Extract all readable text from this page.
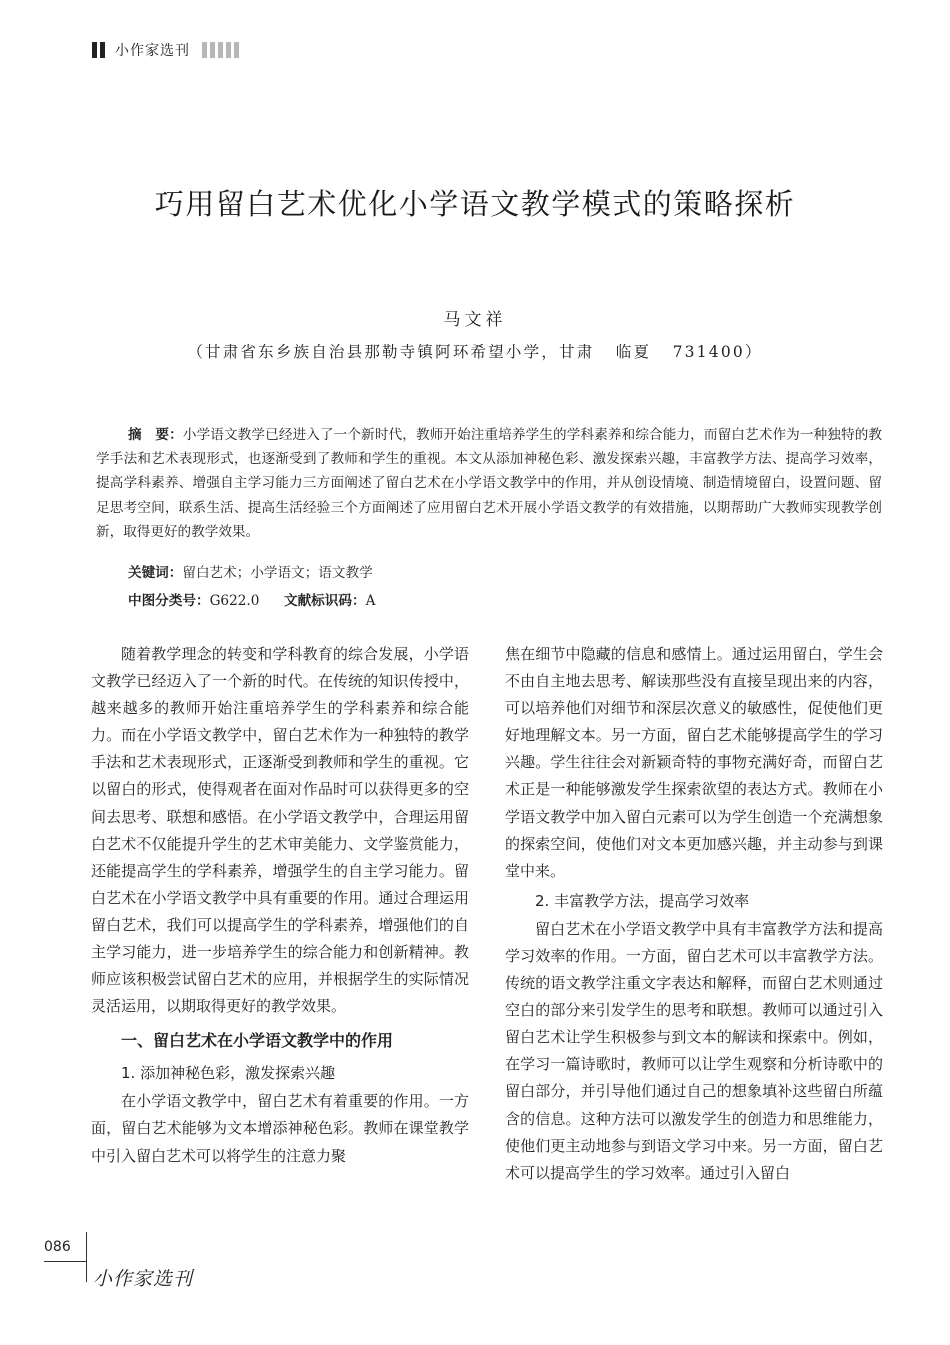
小作家选刊
巧用留白艺术优化小学语文教学模式的策略探析
马文祥
（甘肃省东乡族自治县那勒寺镇阿环希望小学，甘肃   临夏   731400）
摘　要：小学语文教学已经进入了一个新时代，教师开始注重培养学生的学科素养和综合能力，而留白艺术作为一种独特的教学手法和艺术表现形式，也逐渐受到了教师和学生的重视。本文从添加神秘色彩、激发探索兴趣，丰富教学方法、提高学习效率，提高学科素养、增强自主学习能力三方面阐述了留白艺术在小学语文教学中的作用，并从创设情境、制造情境留白，设置问题、留足思考空间，联系生活、提高生活经验三个方面阐述了应用留白艺术开展小学语文教学的有效措施，以期帮助广大教师实现教学创新，取得更好的教学效果。
关键词：留白艺术；小学语文；语文教学
中图分类号：G622.0 文献标识码：A

随着教学理念的转变和学科教育的综合发展，小学语文教学已经迈入了一个新的时代。在传统的知识传授中，越来越多的教师开始注重培养学生的学科素养和综合能力。而在小学语文教学中，留白艺术作为一种独特的教学手法和艺术表现形式，正逐渐受到教师和学生的重视。它以留白的形式，使得观者在面对作品时可以获得更多的空间去思考、联想和感悟。在小学语文教学中，合理运用留白艺术不仅能提升学生的艺术审美能力、文学鉴赏能力，还能提高学生的学科素养，增强学生的自主学习能力。留白艺术在小学语文教学中具有重要的作用。通过合理运用留白艺术，我们可以提高学生的学科素养，增强他们的自主学习能力，进一步培养学生的综合能力和创新精神。教师应该积极尝试留白艺术的应用，并根据学生的实际情况灵活运用，以期取得更好的教学效果。

一、留白艺术在小学语文教学中的作用
1. 添加神秘色彩，激发探索兴趣

在小学语文教学中，留白艺术有着重要的作用。一方面，留白艺术能够为文本增添神秘色彩。教师在课堂教学中引入留白艺术可以将学生的注意力聚

焦在细节中隐藏的信息和感情上。通过运用留白，学生会不由自主地去思考、解读那些没有直接呈现出来的内容，可以培养他们对细节和深层次意义的敏感性，促使他们更好地理解文本。另一方面，留白艺术能够提高学生的学习兴趣。学生往往会对新颖奇特的事物充满好奇，而留白艺术正是一种能够激发学生探索欲望的表达方式。教师在小学语文教学中加入留白元素可以为学生创造一个充满想象的探索空间，使他们对文本更加感兴趣，并主动参与到课堂中来。

2. 丰富教学方法，提高学习效率

留白艺术在小学语文教学中具有丰富教学方法和提高学习效率的作用。一方面，留白艺术可以丰富教学方法。传统的语文教学注重文字表达和解释，而留白艺术则通过空白的部分来引发学生的思考和联想。教师可以通过引入留白艺术让学生积极参与到文本的解读和探索中。例如，在学习一篇诗歌时，教师可以让学生观察和分析诗歌中的留白部分，并引导他们通过自己的想象填补这些留白所蕴含的信息。这种方法可以激发学生的创造力和思维能力，使他们更主动地参与到语文学习中来。另一方面，留白艺术可以提高学生的学习效率。通过引入留白

086
小作家选刊
